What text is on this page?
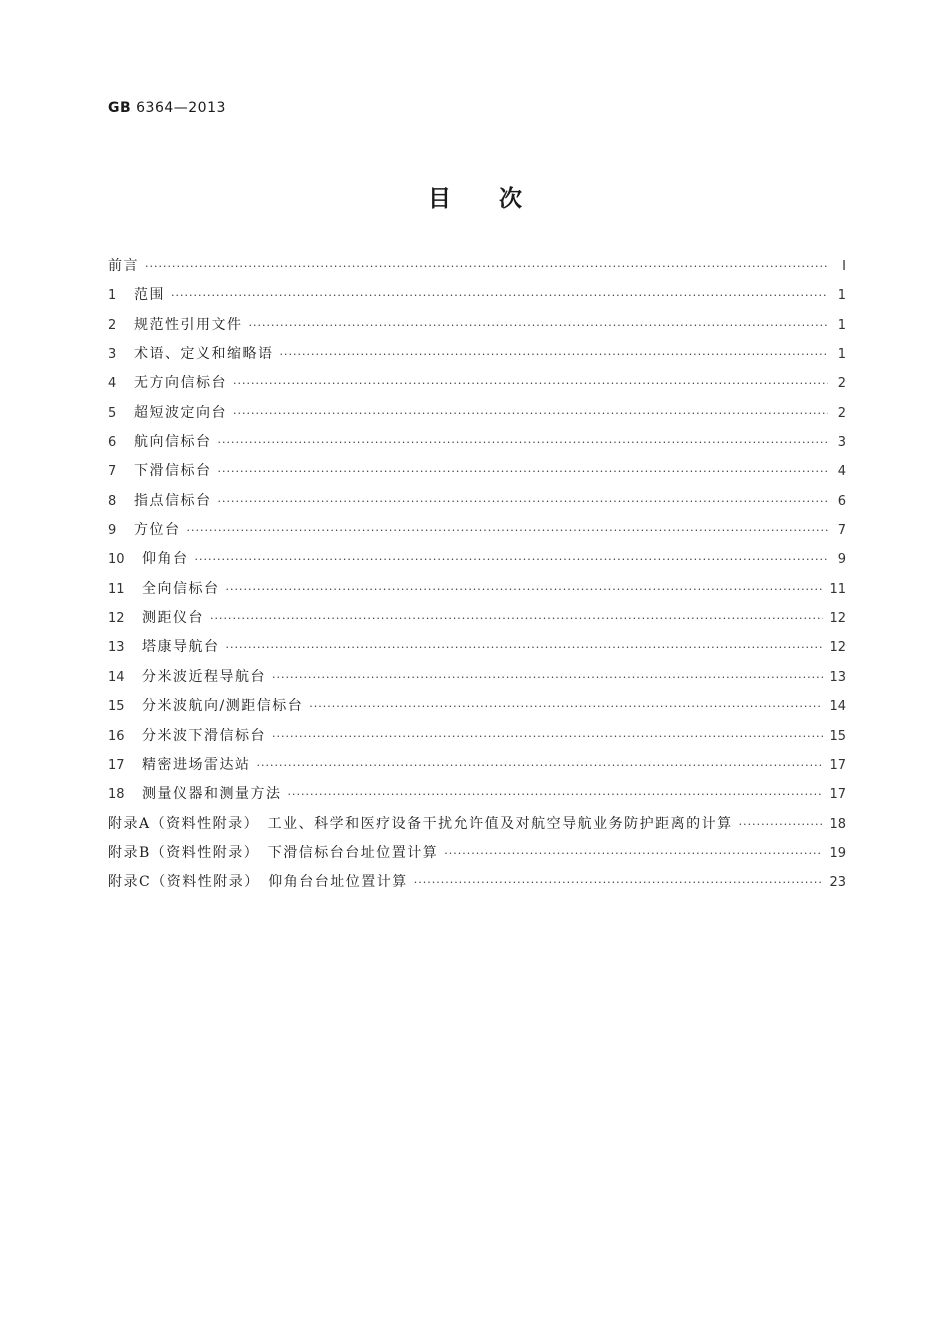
GB 6364—2013
目次
前言 ·····	Ⅰ
1	范围 ·····	1
2	规范性引用文件 ·····	1
3	术语、定义和缩略语 ·····	1
4	无方向信标台 ·····	2
5	超短波定向台 ·····	2
6	航向信标台 ·····	3
7	下滑信标台 ·····	4
8	指点信标台 ·····	6
9	方位台 ·····	7
10	仰角台 ·····	9
11	全向信标台 ·····	11
12	测距仪台 ·····	12
13	塔康导航台 ·····	12
14	分米波近程导航台 ·····	13
15	分米波航向/测距信标台 ·····	14
16	分米波下滑信标台 ·····	15
17	精密进场雷达站 ·····	17
18	测量仪器和测量方法 ·····	17
附录A（资料性附录）　工业、科学和医疗设备干扰允许值及对航空导航业务防护距离的计算 ·····	18
附录B（资料性附录）　下滑信标台台址位置计算 ·····	19
附录C（资料性附录）　仰角台台址位置计算 ·····	23
